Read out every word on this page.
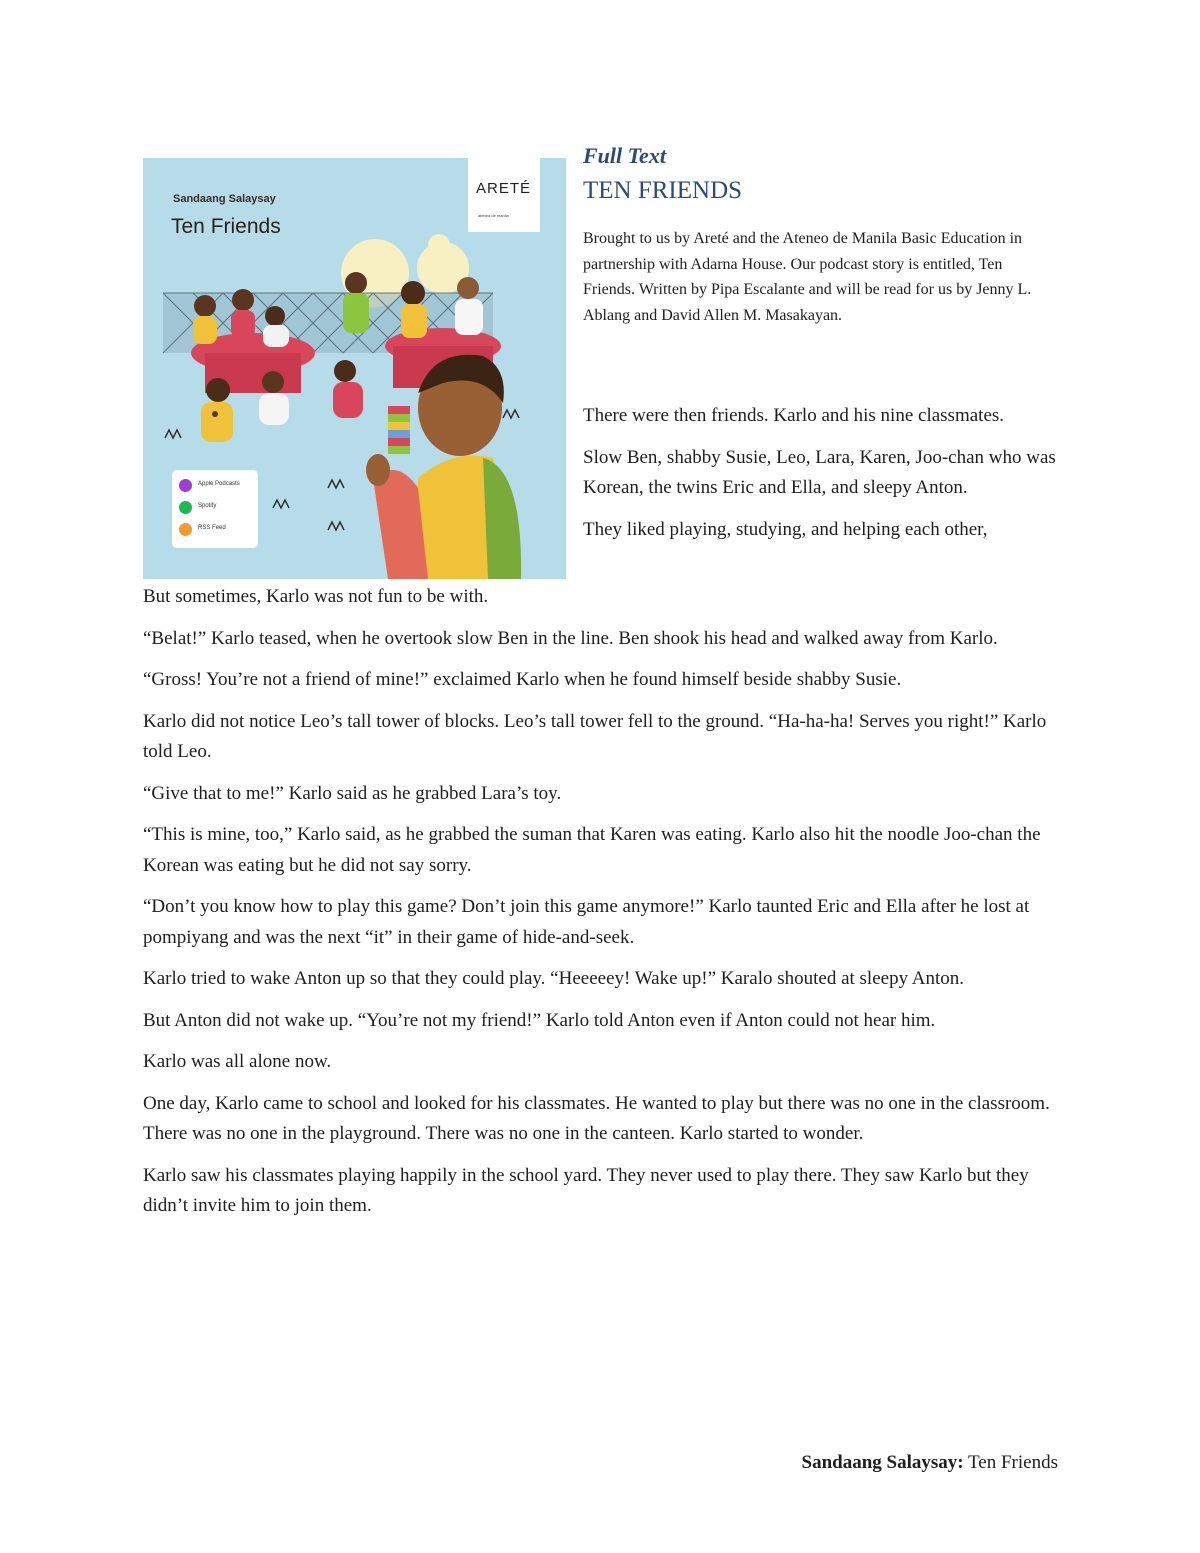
Sandaang Salaysay
Ten Friends
ARETÉ
ateneo de manila
Apple Podcasts
Spotify
RSS Feed
Full Text
TEN FRIENDS

Brought to us by Areté and the Ateneo de Manila Basic Education in partnership with Adarna House. Our podcast story is entitled, Ten Friends. Written by Pipa Escalante and will be read for us by Jenny L. Ablang and David Allen M. Masakayan.

There were then friends. Karlo and his nine classmates.

Slow Ben, shabby Susie, Leo, Lara, Karen, Joo-chan who was Korean, the twins Eric and Ella, and sleepy Anton.

They liked playing, studying, and helping each other,

But sometimes, Karlo was not fun to be with.

“Belat!” Karlo teased, when he overtook slow Ben in the line. Ben shook his head and walked away from Karlo.

“Gross! You’re not a friend of mine!” exclaimed Karlo when he found himself beside shabby Susie.

Karlo did not notice Leo’s tall tower of blocks. Leo’s tall tower fell to the ground. “Ha-ha-ha! Serves you right!” Karlo told Leo.

“Give that to me!” Karlo said as he grabbed Lara’s toy.

“This is mine, too,” Karlo said, as he grabbed the suman that Karen was eating. Karlo also hit the noodle Joo-chan the Korean was eating but he did not say sorry.

“Don’t you know how to play this game? Don’t join this game anymore!” Karlo taunted Eric and Ella after he lost at pompiyang and was the next “it” in their game of hide-and-seek.

Karlo tried to wake Anton up so that they could play. “Heeeeey! Wake up!” Karalo shouted at sleepy Anton.

But Anton did not wake up. “You’re not my friend!” Karlo told Anton even if Anton could not hear him.

Karlo was all alone now.

One day, Karlo came to school and looked for his classmates. He wanted to play but there was no one in the classroom. There was no one in the playground. There was no one in the canteen. Karlo started to wonder.

Karlo saw his classmates playing happily in the school yard. They never used to play there. They saw Karlo but they didn’t invite him to join them.

Sandaang Salaysay: Ten Friends
